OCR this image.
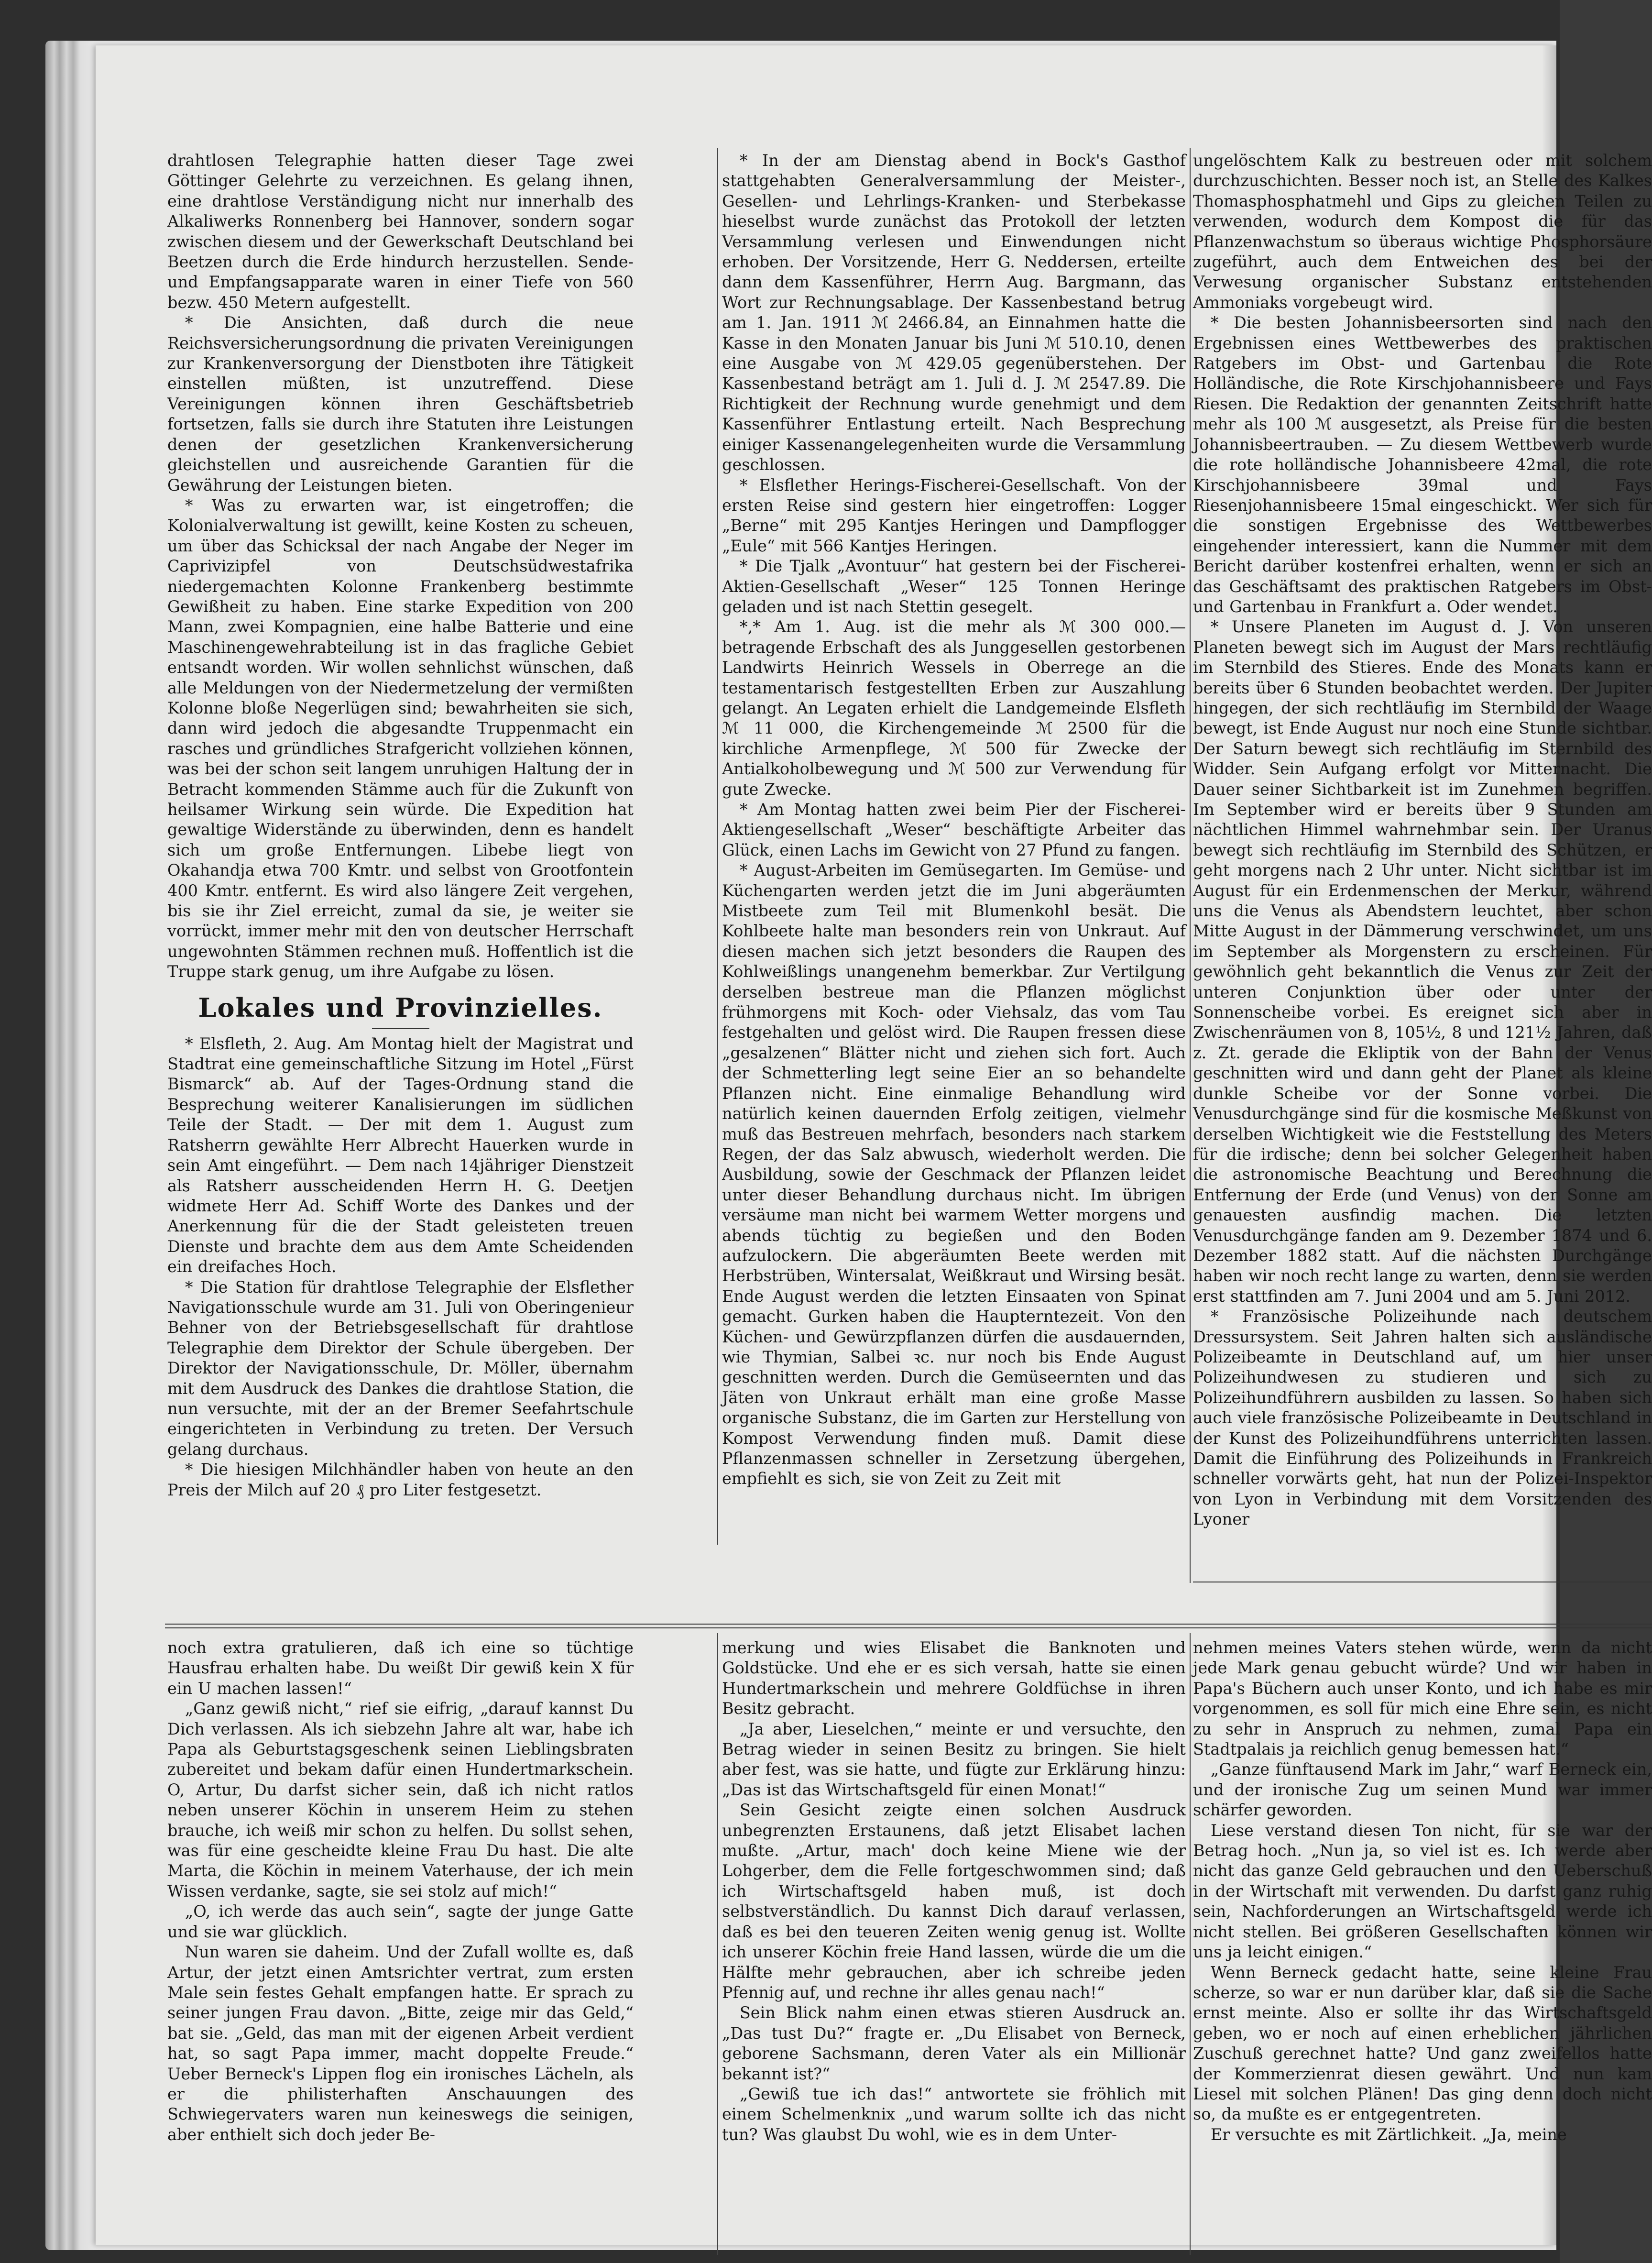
drahtlosen Telegraphie hatten dieser Tage zwei Göttinger Gelehrte zu verzeichnen. Es gelang ihnen, eine drahtlose Verständigung nicht nur innerhalb des Alkaliwerks Ronnenberg bei Hannover, sondern sogar zwischen diesem und der Gewerkschaft Deutschland bei Beetzen durch die Erde hindurch herzustellen. Sende- und Empfangsapparate waren in einer Tiefe von 560 bezw. 450 Metern aufgestellt.

* Die Ansichten, daß durch die neue Reichsversicherungsordnung die privaten Vereinigungen zur Krankenversorgung der Dienstboten ihre Tätigkeit einstellen müßten, ist unzutreffend. Diese Vereinigungen können ihren Geschäftsbetrieb fortsetzen, falls sie durch ihre Statuten ihre Leistungen denen der gesetzlichen Krankenversicherung gleichstellen und ausreichende Garantien für die Gewährung der Leistungen bieten.

* Was zu erwarten war, ist eingetroffen; die Kolonialverwaltung ist gewillt, keine Kosten zu scheuen, um über das Schicksal der nach Angabe der Neger im Caprivizipfel von Deutschsüdwestafrika niedergemachten Kolonne Frankenberg bestimmte Gewißheit zu haben. Eine starke Expedition von 200 Mann, zwei Kompagnien, eine halbe Batterie und eine Maschinengewehrabteilung ist in das fragliche Gebiet entsandt worden. Wir wollen sehnlichst wünschen, daß alle Meldungen von der Niedermetzelung der vermißten Kolonne bloße Negerlügen sind; bewahrheiten sie sich, dann wird jedoch die abgesandte Truppenmacht ein rasches und gründliches Strafgericht vollziehen können, was bei der schon seit langem unruhigen Haltung der in Betracht kommenden Stämme auch für die Zukunft von heilsamer Wirkung sein würde. Die Expedition hat gewaltige Widerstände zu überwinden, denn es handelt sich um große Entfernungen. Libebe liegt von Okahandja etwa 700 Kmtr. und selbst von Grootfontein 400 Kmtr. entfernt. Es wird also längere Zeit vergehen, bis sie ihr Ziel erreicht, zumal da sie, je weiter sie vorrückt, immer mehr mit den von deutscher Herrschaft ungewohnten Stämmen rechnen muß. Hoffentlich ist die Truppe stark genug, um ihre Aufgabe zu lösen.

Lokales und Provinzielles.

* Elsfleth, 2. Aug. Am Montag hielt der Magistrat und Stadtrat eine gemeinschaftliche Sitzung im Hotel „Fürst Bismarck“ ab. Auf der Tages-Ordnung stand die Besprechung weiterer Kanalisierungen im südlichen Teile der Stadt. — Der mit dem 1. August zum Ratsherrn gewählte Herr Albrecht Hauerken wurde in sein Amt eingeführt. — Dem nach 14jähriger Dienstzeit als Ratsherr ausscheidenden Herrn H. G. Deetjen widmete Herr Ad. Schiff Worte des Dankes und der Anerkennung für die der Stadt geleisteten treuen Dienste und brachte dem aus dem Amte Scheidenden ein dreifaches Hoch.

* Die Station für drahtlose Telegraphie der Elsflether Navigationsschule wurde am 31. Juli von Oberingenieur Behner von der Betriebsgesellschaft für drahtlose Telegraphie dem Direktor der Schule übergeben. Der Direktor der Navigationsschule, Dr. Möller, übernahm mit dem Ausdruck des Dankes die drahtlose Station, die nun versuchte, mit der an der Bremer Seefahrtschule eingerichteten in Verbindung zu treten. Der Versuch gelang durchaus.

* Die hiesigen Milchhändler haben von heute an den Preis der Milch auf 20 ₰ pro Liter festgesetzt.

* In der am Dienstag abend in Bock's Gasthof stattgehabten Generalversammlung der Meister-, Gesellen- und Lehrlings-Kranken- und Sterbekasse hieselbst wurde zunächst das Protokoll der letzten Versammlung verlesen und Einwendungen nicht erhoben. Der Vorsitzende, Herr G. Neddersen, erteilte dann dem Kassenführer, Herrn Aug. Bargmann, das Wort zur Rechnungsablage. Der Kassenbestand betrug am 1. Jan. 1911 ℳ 2466.84, an Einnahmen hatte die Kasse in den Monaten Januar bis Juni ℳ 510.10, denen eine Ausgabe von ℳ 429.05 gegenüberstehen. Der Kassenbestand beträgt am 1. Juli d. J. ℳ 2547.89. Die Richtigkeit der Rechnung wurde genehmigt und dem Kassenführer Entlastung erteilt. Nach Besprechung einiger Kassenangelegenheiten wurde die Versammlung geschlossen.

* Elsflether Herings-Fischerei-Gesellschaft. Von der ersten Reise sind gestern hier eingetroffen: Logger „Berne“ mit 295 Kantjes Heringen und Dampflogger „Eule“ mit 566 Kantjes Heringen.

* Die Tjalk „Avontuur“ hat gestern bei der Fischerei-Aktien-Gesellschaft „Weser“ 125 Tonnen Heringe geladen und ist nach Stettin gesegelt.

*,* Am 1. Aug. ist die mehr als ℳ 300 000.— betragende Erbschaft des als Junggesellen gestorbenen Landwirts Heinrich Wessels in Oberrege an die testamentarisch festgestellten Erben zur Auszahlung gelangt. An Legaten erhielt die Landgemeinde Elsfleth ℳ 11 000, die Kirchengemeinde ℳ 2500 für die kirchliche Armenpflege, ℳ 500 für Zwecke der Antialkoholbewegung und ℳ 500 zur Verwendung für gute Zwecke.

* Am Montag hatten zwei beim Pier der Fischerei-Aktiengesellschaft „Weser“ beschäftigte Arbeiter das Glück, einen Lachs im Gewicht von 27 Pfund zu fangen.

* August-Arbeiten im Gemüsegarten. Im Gemüse- und Küchengarten werden jetzt die im Juni abgeräumten Mistbeete zum Teil mit Blumenkohl besät. Die Kohlbeete halte man besonders rein von Unkraut. Auf diesen machen sich jetzt besonders die Raupen des Kohlweißlings unangenehm bemerkbar. Zur Vertilgung derselben bestreue man die Pflanzen möglichst frühmorgens mit Koch- oder Viehsalz, das vom Tau festgehalten und gelöst wird. Die Raupen fressen diese „gesalzenen“ Blätter nicht und ziehen sich fort. Auch der Schmetterling legt seine Eier an so behandelte Pflanzen nicht. Eine einmalige Behandlung wird natürlich keinen dauernden Erfolg zeitigen, vielmehr muß das Bestreuen mehrfach, besonders nach starkem Regen, der das Salz abwusch, wiederholt werden. Die Ausbildung, sowie der Geschmack der Pflanzen leidet unter dieser Behandlung durchaus nicht. Im übrigen versäume man nicht bei warmem Wetter morgens und abends tüchtig zu begießen und den Boden aufzulockern. Die abgeräumten Beete werden mit Herbstrüben, Wintersalat, Weißkraut und Wirsing besät. Ende August werden die letzten Einsaaten von Spinat gemacht. Gurken haben die Haupterntezeit. Von den Küchen- und Gewürzpflanzen dürfen die ausdauernden, wie Thymian, Salbei ꝛc. nur noch bis Ende August geschnitten werden. Durch die Gemüseernten und das Jäten von Unkraut erhält man eine große Masse organische Substanz, die im Garten zur Herstellung von Kompost Verwendung finden muß. Damit diese Pflanzenmassen schneller in Zersetzung übergehen, empfiehlt es sich, sie von Zeit zu Zeit mit

ungelöschtem Kalk zu bestreuen oder mit solchem durchzuschichten. Besser noch ist, an Stelle des Kalkes Thomasphosphatmehl und Gips zu gleichen Teilen zu verwenden, wodurch dem Kompost die für das Pflanzenwachstum so überaus wichtige Phosphorsäure zugeführt, auch dem Entweichen des bei der Verwesung organischer Substanz entstehenden Ammoniaks vorgebeugt wird.

* Die besten Johannisbeersorten sind nach den Ergebnissen eines Wettbewerbes des praktischen Ratgebers im Obst- und Gartenbau die Rote Holländische, die Rote Kirschjohannisbeere und Fays Riesen. Die Redaktion der genannten Zeitschrift hatte mehr als 100 ℳ ausgesetzt, als Preise für die besten Johannisbeertrauben. — Zu diesem Wettbewerb wurde die rote holländische Johannisbeere 42mal, die rote Kirschjohannisbeere 39mal und Fays Riesenjohannisbeere 15mal eingeschickt. Wer sich für die sonstigen Ergebnisse des Wettbewerbes eingehender interessiert, kann die Nummer mit dem Bericht darüber kostenfrei erhalten, wenn er sich an das Geschäftsamt des praktischen Ratgebers im Obst- und Gartenbau in Frankfurt a. Oder wendet.

* Unsere Planeten im August d. J. Von unseren Planeten bewegt sich im August der Mars rechtläufig im Sternbild des Stieres. Ende des Monats kann er bereits über 6 Stunden beobachtet werden. Der Jupiter hingegen, der sich rechtläufig im Sternbild der Waage bewegt, ist Ende August nur noch eine Stunde sichtbar. Der Saturn bewegt sich rechtläufig im Sternbild des Widder. Sein Aufgang erfolgt vor Mitternacht. Die Dauer seiner Sichtbarkeit ist im Zunehmen begriffen. Im September wird er bereits über 9 Stunden am nächtlichen Himmel wahrnehmbar sein. Der Uranus bewegt sich rechtläufig im Sternbild des Schützen, er geht morgens nach 2 Uhr unter. Nicht sichtbar ist im August für ein Erdenmenschen der Merkur, während uns die Venus als Abendstern leuchtet, aber schon Mitte August in der Dämmerung verschwindet, um uns im September als Morgenstern zu erscheinen. Für gewöhnlich geht bekanntlich die Venus zur Zeit der unteren Conjunktion über oder unter der Sonnenscheibe vorbei. Es ereignet sich aber in Zwischenräumen von 8, 105½, 8 und 121½ Jahren, daß z. Zt. gerade die Ekliptik von der Bahn der Venus geschnitten wird und dann geht der Planet als kleine dunkle Scheibe vor der Sonne vorbei. Die Venusdurchgänge sind für die kosmische Meßkunst von derselben Wichtigkeit wie die Feststellung des Meters für die irdische; denn bei solcher Gelegenheit haben die astronomische Beachtung und Berechnung die Entfernung der Erde (und Venus) von der Sonne am genauesten ausfindig machen. Die letzten Venusdurchgänge fanden am 9. Dezember 1874 und 6. Dezember 1882 statt. Auf die nächsten Durchgänge haben wir noch recht lange zu warten, denn sie werden erst stattfinden am 7. Juni 2004 und am 5. Juni 2012.

* Französische Polizeihunde nach deutschem Dressursystem. Seit Jahren halten sich ausländische Polizeibeamte in Deutschland auf, um hier unser Polizeihundwesen zu studieren und sich zu Polizeihundführern ausbilden zu lassen. So haben sich auch viele französische Polizeibeamte in Deutschland in der Kunst des Polizeihundführens unterrichten lassen. Damit die Einführung des Polizeihunds in Frankreich schneller vorwärts geht, hat nun der Polizei-Inspektor von Lyon in Verbindung mit dem Vorsitzenden des Lyoner

noch extra gratulieren, daß ich eine so tüchtige Hausfrau erhalten habe. Du weißt Dir gewiß kein X für ein U machen lassen!“

„Ganz gewiß nicht,“ rief sie eifrig, „darauf kannst Du Dich verlassen. Als ich siebzehn Jahre alt war, habe ich Papa als Geburtstagsgeschenk seinen Lieblingsbraten zubereitet und bekam dafür einen Hundertmarkschein. O, Artur, Du darfst sicher sein, daß ich nicht ratlos neben unserer Köchin in unserem Heim zu stehen brauche, ich weiß mir schon zu helfen. Du sollst sehen, was für eine gescheidte kleine Frau Du hast. Die alte Marta, die Köchin in meinem Vaterhause, der ich mein Wissen verdanke, sagte, sie sei stolz auf mich!“

„O, ich werde das auch sein“, sagte der junge Gatte und sie war glücklich.

Nun waren sie daheim. Und der Zufall wollte es, daß Artur, der jetzt einen Amtsrichter vertrat, zum ersten Male sein festes Gehalt empfangen hatte. Er sprach zu seiner jungen Frau davon. „Bitte, zeige mir das Geld,“ bat sie. „Geld, das man mit der eigenen Arbeit verdient hat, so sagt Papa immer, macht doppelte Freude.“ Ueber Berneck's Lippen flog ein ironisches Lächeln, als er die philisterhaften Anschauungen des Schwiegervaters waren nun keineswegs die seinigen, aber enthielt sich doch jeder Be-

merkung und wies Elisabet die Banknoten und Goldstücke. Und ehe er es sich versah, hatte sie einen Hundertmarkschein und mehrere Goldfüchse in ihren Besitz gebracht.

„Ja aber, Lieselchen,“ meinte er und versuchte, den Betrag wieder in seinen Besitz zu bringen. Sie hielt aber fest, was sie hatte, und fügte zur Erklärung hinzu: „Das ist das Wirtschaftsgeld für einen Monat!“

Sein Gesicht zeigte einen solchen Ausdruck unbegrenzten Erstaunens, daß jetzt Elisabet lachen mußte. „Artur, mach' doch keine Miene wie der Lohgerber, dem die Felle fortgeschwommen sind; daß ich Wirtschaftsgeld haben muß, ist doch selbstverständlich. Du kannst Dich darauf verlassen, daß es bei den teueren Zeiten wenig genug ist. Wollte ich unserer Köchin freie Hand lassen, würde die um die Hälfte mehr gebrauchen, aber ich schreibe jeden Pfennig auf, und rechne ihr alles genau nach!“

Sein Blick nahm einen etwas stieren Ausdruck an. „Das tust Du?“ fragte er. „Du Elisabet von Berneck, geborene Sachsmann, deren Vater als ein Millionär bekannt ist?“

„Gewiß tue ich das!“ antwortete sie fröhlich mit einem Schelmenknix „und warum sollte ich das nicht tun? Was glaubst Du wohl, wie es in dem Unter-

nehmen meines Vaters stehen würde, wenn da nicht jede Mark genau gebucht würde? Und wir haben in Papa's Büchern auch unser Konto, und ich habe es mir vorgenommen, es soll für mich eine Ehre sein, es nicht zu sehr in Anspruch zu nehmen, zumal Papa ein Stadtpalais ja reichlich genug bemessen hat.“

„Ganze fünftausend Mark im Jahr,“ warf Berneck ein, und der ironische Zug um seinen Mund war immer schärfer geworden.

Liese verstand diesen Ton nicht, für sie war der Betrag hoch. „Nun ja, so viel ist es. Ich werde aber nicht das ganze Geld gebrauchen und den Ueberschuß in der Wirtschaft mit verwenden. Du darfst ganz ruhig sein, Nachforderungen an Wirtschaftsgeld werde ich nicht stellen. Bei größeren Gesellschaften können wir uns ja leicht einigen.“

Wenn Berneck gedacht hatte, seine kleine Frau scherze, so war er nun darüber klar, daß sie die Sache ernst meinte. Also er sollte ihr das Wirtschaftsgeld geben, wo er noch auf einen erheblichen jährlichen Zuschuß gerechnet hatte? Und ganz zweifellos hatte der Kommerzienrat diesen gewährt. Und nun kam Liesel mit solchen Plänen! Das ging denn doch nicht so, da mußte es er entgegentreten.

Er versuchte es mit Zärtlichkeit. „Ja, meine
